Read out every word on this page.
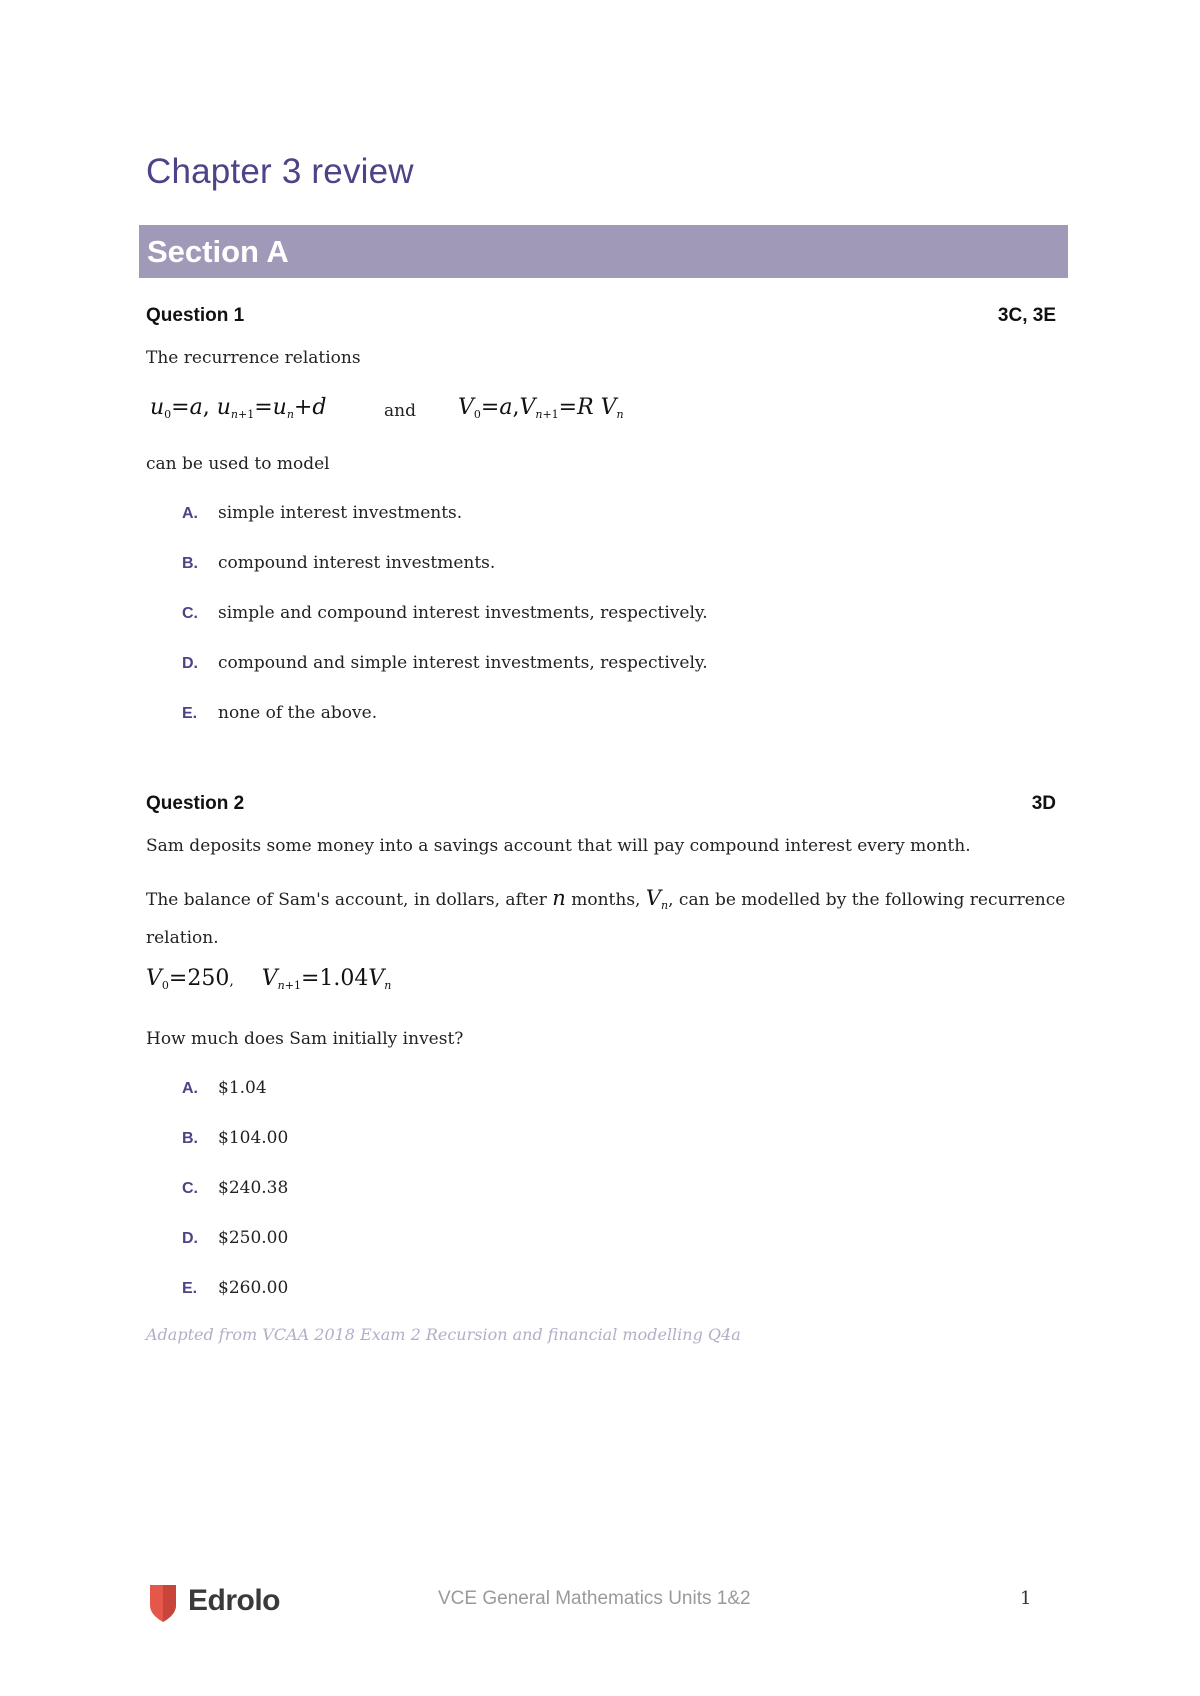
Chapter 3 review
Section A
Question 1	3C, 3E

The recurrence relations

$u_0=a$, $u_{n+1}=u_n+d$	and $V_0=a,V_{n+1}=R$ $V_n$

can be used to model

A. simple interest investments.
B. compound interest investments.
C. simple and compound interest investments, respectively.
D. compound and simple interest investments, respectively.
E. none of the above.
Question 2	3D

Sam deposits some money into a savings account that will pay compound interest every month.

The balance of Sam's account, in dollars, after n months, $V_n$, can be modelled by the following recurrence relation.

$V_0=250$,    $V_{n+1}=1.04V_n$

How much does Sam initially invest?

A. $1.04
B. $104.00
C. $240.38
D. $250.00
E. $260.00
Adapted from VCAA 2018 Exam 2 Recursion and financial modelling Q4a
Edrolo	VCE General Mathematics Units 1&2	1
